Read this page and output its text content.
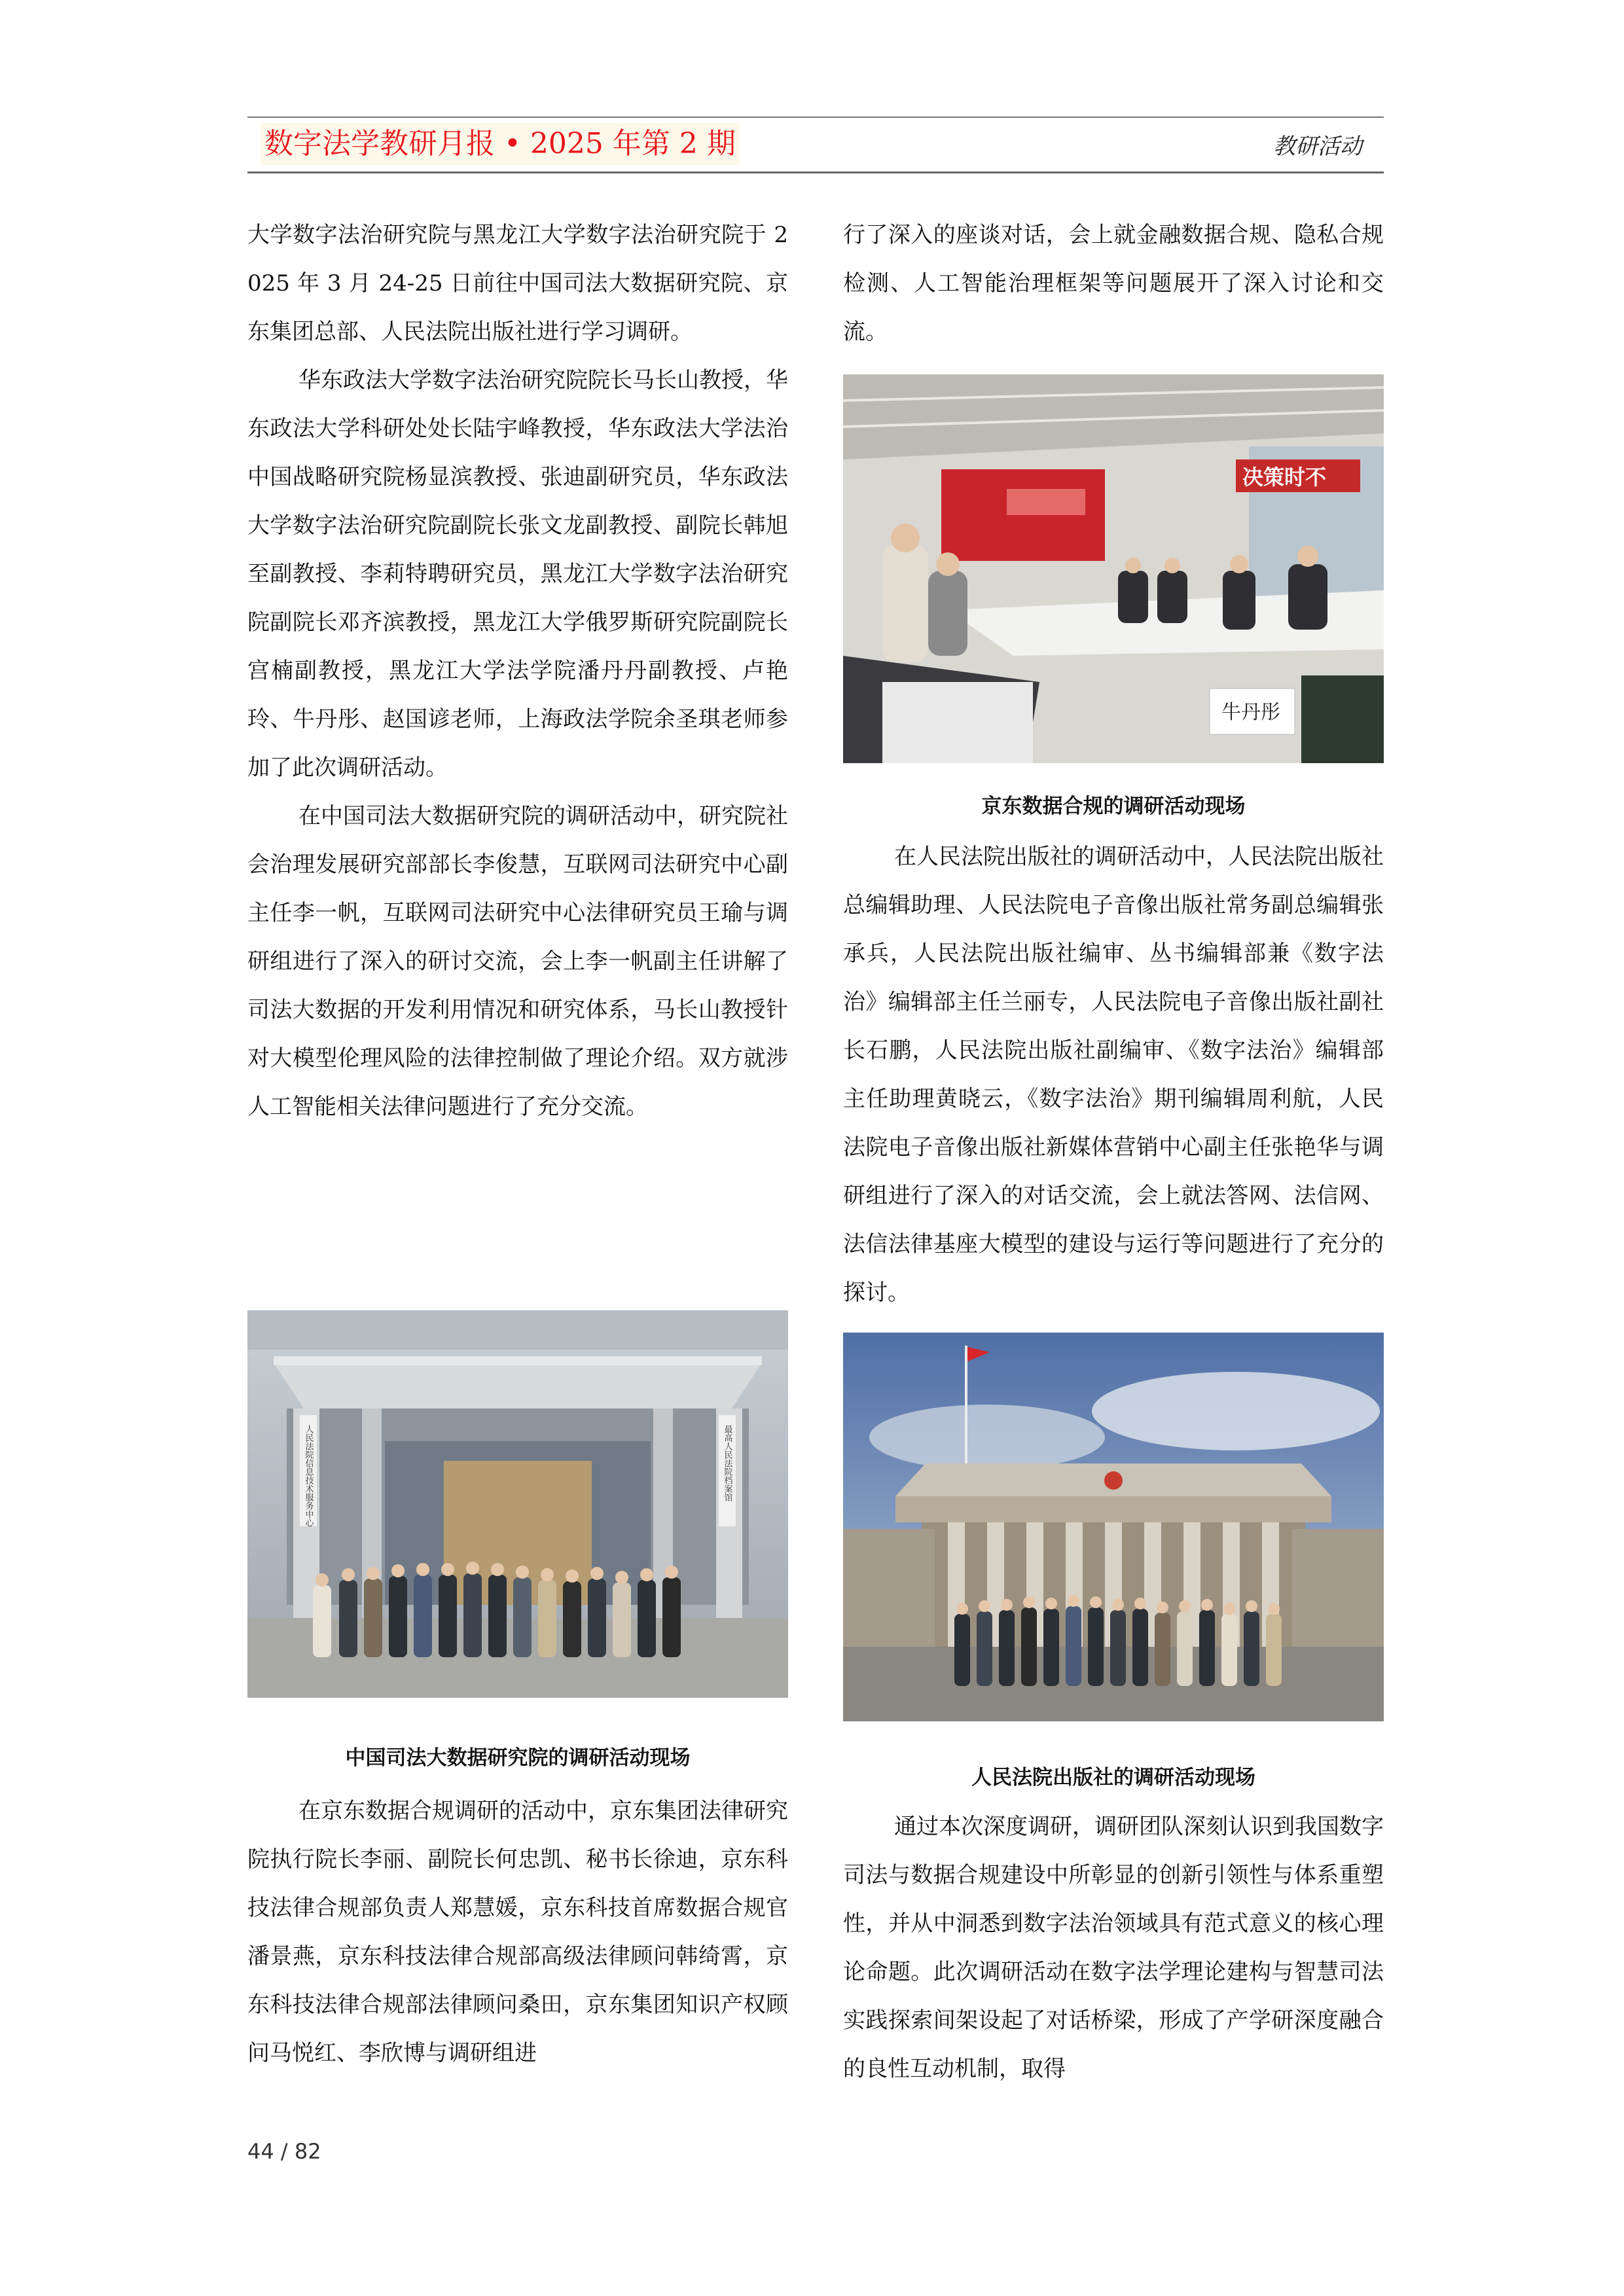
数字法学教研月报 • 2025 年第 2 期	教研活动

大学数字法治研究院与黑龙江大学数字法治研究院于 2025 年 3 月 24-25 日前往中国司法大数据研究院、京东集团总部、人民法院出版社进行学习调研。

华东政法大学数字法治研究院院长马长山教授，华东政法大学科研处处长陆宇峰教授，华东政法大学法治中国战略研究院杨显滨教授、张迪副研究员，华东政法大学数字法治研究院副院长张文龙副教授、副院长韩旭至副教授、李莉特聘研究员，黑龙江大学数字法治研究院副院长邓齐滨教授，黑龙江大学俄罗斯研究院副院长宫楠副教授，黑龙江大学法学院潘丹丹副教授、卢艳玲、牛丹彤、赵国谚老师，上海政法学院余圣琪老师参加了此次调研活动。

在中国司法大数据研究院的调研活动中，研究院社会治理发展研究部部长李俊慧，互联网司法研究中心副主任李一帆，互联网司法研究中心法律研究员王瑜与调研组进行了深入的研讨交流，会上李一帆副主任讲解了司法大数据的开发利用情况和研究体系，马长山教授针对大模型伦理风险的法律控制做了理论介绍。双方就涉人工智能相关法律问题进行了充分交流。

人民法院信息技术服务中心	最高人民法院档案馆
中国司法大数据研究院的调研活动现场

在京东数据合规调研的活动中，京东集团法律研究院执行院长李丽、副院长何忠凯、秘书长徐迪，京东科技法律合规部负责人郑慧媛，京东科技首席数据合规官潘景燕，京东科技法律合规部高级法律顾问韩绮霄，京东科技法律合规部法律顾问桑田，京东集团知识产权顾问马悦红、李欣博与调研组进

行了深入的座谈对话，会上就金融数据合规、隐私合规检测、人工智能治理框架等问题展开了深入讨论和交流。

决策时不
牛丹彤
京东数据合规的调研活动现场

在人民法院出版社的调研活动中，人民法院出版社总编辑助理、人民法院电子音像出版社常务副总编辑张承兵，人民法院出版社编审、丛书编辑部兼《数字法治》编辑部主任兰丽专，人民法院电子音像出版社副社长石鹏，人民法院出版社副编审、《数字法治》编辑部主任助理黄晓云，《数字法治》期刊编辑周利航，人民法院电子音像出版社新媒体营销中心副主任张艳华与调研组进行了深入的对话交流，会上就法答网、法信网、法信法律基座大模型的建设与运行等问题进行了充分的探讨。

人民法院出版社的调研活动现场

通过本次深度调研，调研团队深刻认识到我国数字司法与数据合规建设中所彰显的创新引领性与体系重塑性，并从中洞悉到数字法治领域具有范式意义的核心理论命题。此次调研活动在数字法学理论建构与智慧司法实践探索间架设起了对话桥梁，形成了产学研深度融合的良性互动机制，取得

44 / 82
